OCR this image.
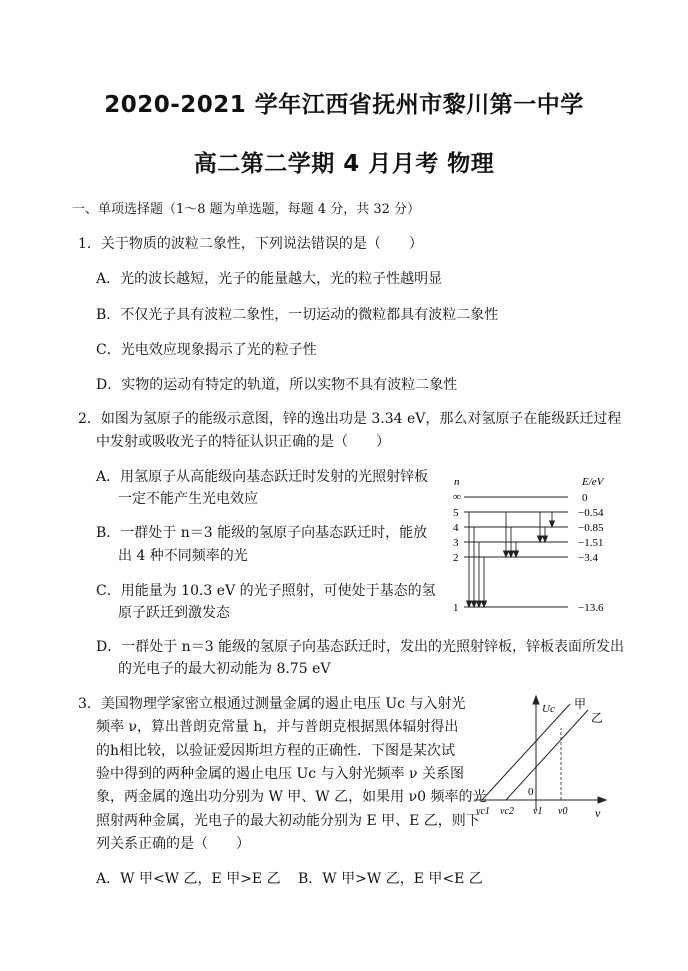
2020-2021 学年江西省抚州市黎川第一中学
高二第二学期 4 月月考 物理
一、单项选择题（1～8 题为单选题，每题 4 分，共 32 分）
1．关于物质的波粒二象性，下列说法错误的是（　　）
A．光的波长越短，光子的能量越大，光的粒子性越明显
B．不仅光子具有波粒二象性，一切运动的微粒都具有波粒二象性
C．光电效应现象揭示了光的粒子性
D．实物的运动有特定的轨道，所以实物不具有波粒二象性
2．如图为氢原子的能级示意图，锌的逸出功是 3.34 eV，那么对氢原子在能级跃迁过程
中发射或吸收光子的特征认识正确的是（　　）
A．用氢原子从高能级向基态跃迁时发射的光照射锌板
一定不能产生光电效应
B．一群处于 n＝3 能级的氢原子向基态跃迁时，能放
出 4 种不同频率的光
C．用能量为 10.3 eV 的光子照射，可使处于基态的氢
原子跃迁到激发态
D．一群处于 n＝3 能级的氢原子向基态跃迁时，发出的光照射锌板，锌板表面所发出
的光电子的最大初动能为 8.75 eV
n	E/eV
∞
5
4
3
2
1
0
−0.54
−0.85
−1.51
−3.4
−13.6
3．美国物理学家密立根通过测量金属的遏止电压 Uc 与入射光
频率 ν，算出普朗克常量 h，并与普朗克根据黑体辐射得出
的h相比较，以验证爱因斯坦方程的正确性．下图是某次试
验中得到的两种金属的遏止电压 Uc 与入射光频率 ν 关系图
象，两金属的逸出功分别为 W 甲、W 乙，如果用 ν0 频率的光
照射两种金属，光电子的最大初动能分别为 E 甲、E 乙，则下
列关系正确的是（　　）
A．W 甲<W 乙，E 甲>E 乙 B．W 甲>W 乙，E 甲<E 乙
Uc
ν
甲
乙
0
νc1 νc2 ν1 ν0
